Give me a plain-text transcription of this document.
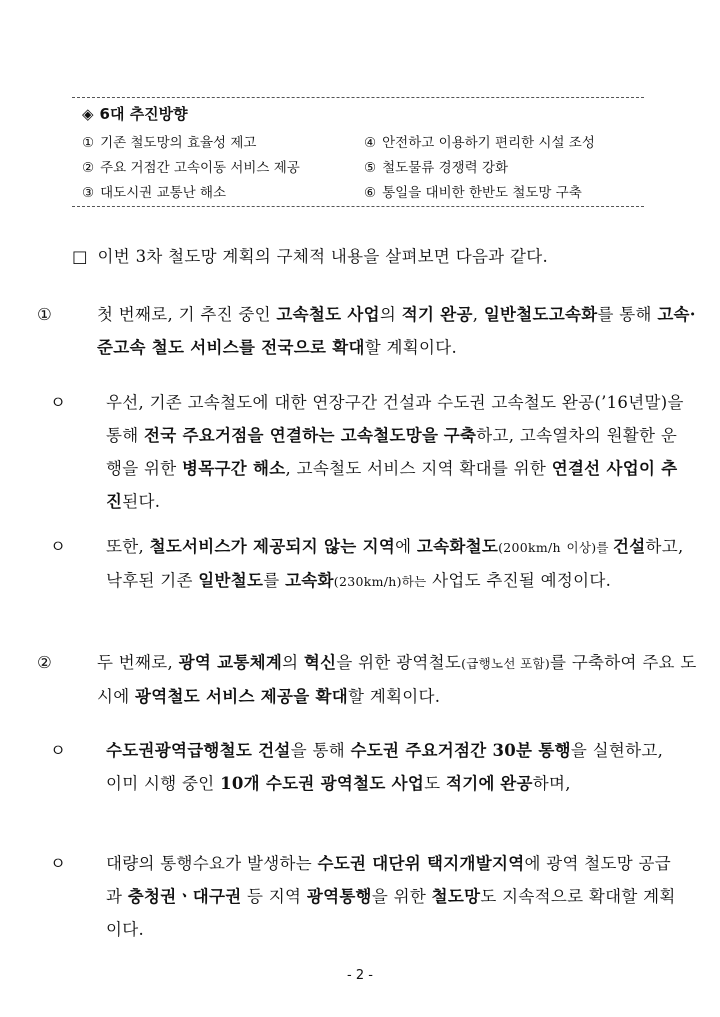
◈ 6대 추진방향
① 기존 철도망의 효율성 제고
② 주요 거점간 고속이동 서비스 제공
③ 대도시권 교통난 해소
④ 안전하고 이용하기 편리한 시설 조성
⑤ 철도물류 경쟁력 강화
⑥ 통일을 대비한 한반도 철도망 구축

□ 이번 3차 철도망 계획의 구체적 내용을 살펴보면 다음과 같다.

①	첫 번째로, 기 추진 중인 고속철도 사업의 적기 완공, 일반철도고속화를 통해 고속·준고속 철도 서비스를 전국으로 확대할 계획이다.

ㅇ 우선, 기존 고속철도에 대한 연장구간 건설과 수도권 고속철도 완공(’16년말)을 통해 전국 주요거점을 연결하는 고속철도망을 구축하고, 고속열차의 원활한 운행을 위한 병목구간 해소, 고속철도 서비스 지역 확대를 위한 연결선 사업이 추진된다.

ㅇ 또한, 철도서비스가 제공되지 않는 지역에 고속화철도(200km/h 이상)를 건설하고, 낙후된 기존 일반철도를 고속화(230km/h)하는 사업도 추진될 예정이다.

②	두 번째로, 광역 교통체계의 혁신을 위한 광역철도(급행노선 포함)를 구축하여 주요 도시에 광역철도 서비스 제공을 확대할 계획이다.

ㅇ 수도권광역급행철도 건설을 통해 수도권 주요거점간 30분 통행을 실현하고, 이미 시행 중인 10개 수도권 광역철도 사업도 적기에 완공하며,

ㅇ 대량의 통행수요가 발생하는 수도권 대단위 택지개발지역에 광역 철도망 공급과 충청권ㆍ대구권 등 지역 광역통행을 위한 철도망도 지속적으로 확대할 계획이다.

- 2 -
